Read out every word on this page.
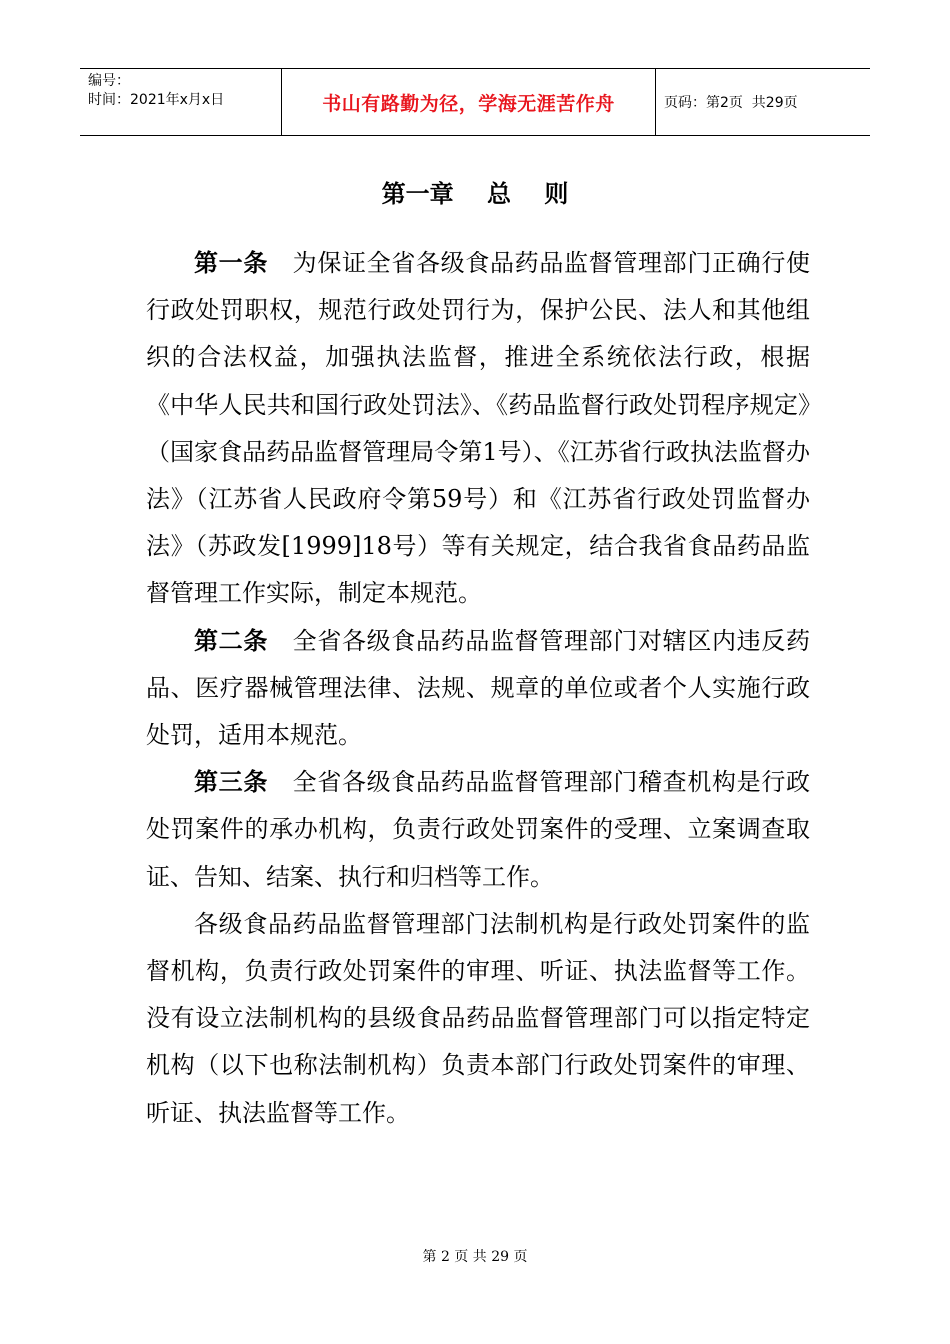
编号：
时间：2021年x月x日	书山有路勤为径，学海无涯苦作舟	页码：第2页  共29页
第一章    总    则

第一条　 为保证全省各级食品药品监督管理部门正确行使行政处罚职权，规范行政处罚行为，保护公民、法人和其他组织的合法权益，加强执法监督，推进全系统依法行政，根据《中华人民共和国行政处罚法》、《药品监督行政处罚程序规定》（国家食品药品监督管理局令第1号）、《江苏省行政执法监督办法》（江苏省人民政府令第59号）和《江苏省行政处罚监督办法》（苏政发[1999]18号）等有关规定，结合我省食品药品监督管理工作实际，制定本规范。

第二条　 全省各级食品药品监督管理部门对辖区内违反药品、医疗器械管理法律、法规、规章的单位或者个人实施行政处罚，适用本规范。

第三条　 全省各级食品药品监督管理部门稽查机构是行政处罚案件的承办机构，负责行政处罚案件的受理、立案调查取证、告知、结案、执行和归档等工作。

各级食品药品监督管理部门法制机构是行政处罚案件的监督机构，负责行政处罚案件的审理、听证、执法监督等工作。没有设立法制机构的县级食品药品监督管理部门可以指定特定机构（以下也称法制机构）负责本部门行政处罚案件的审理、听证、执法监督等工作。

第 2 页 共 29 页
